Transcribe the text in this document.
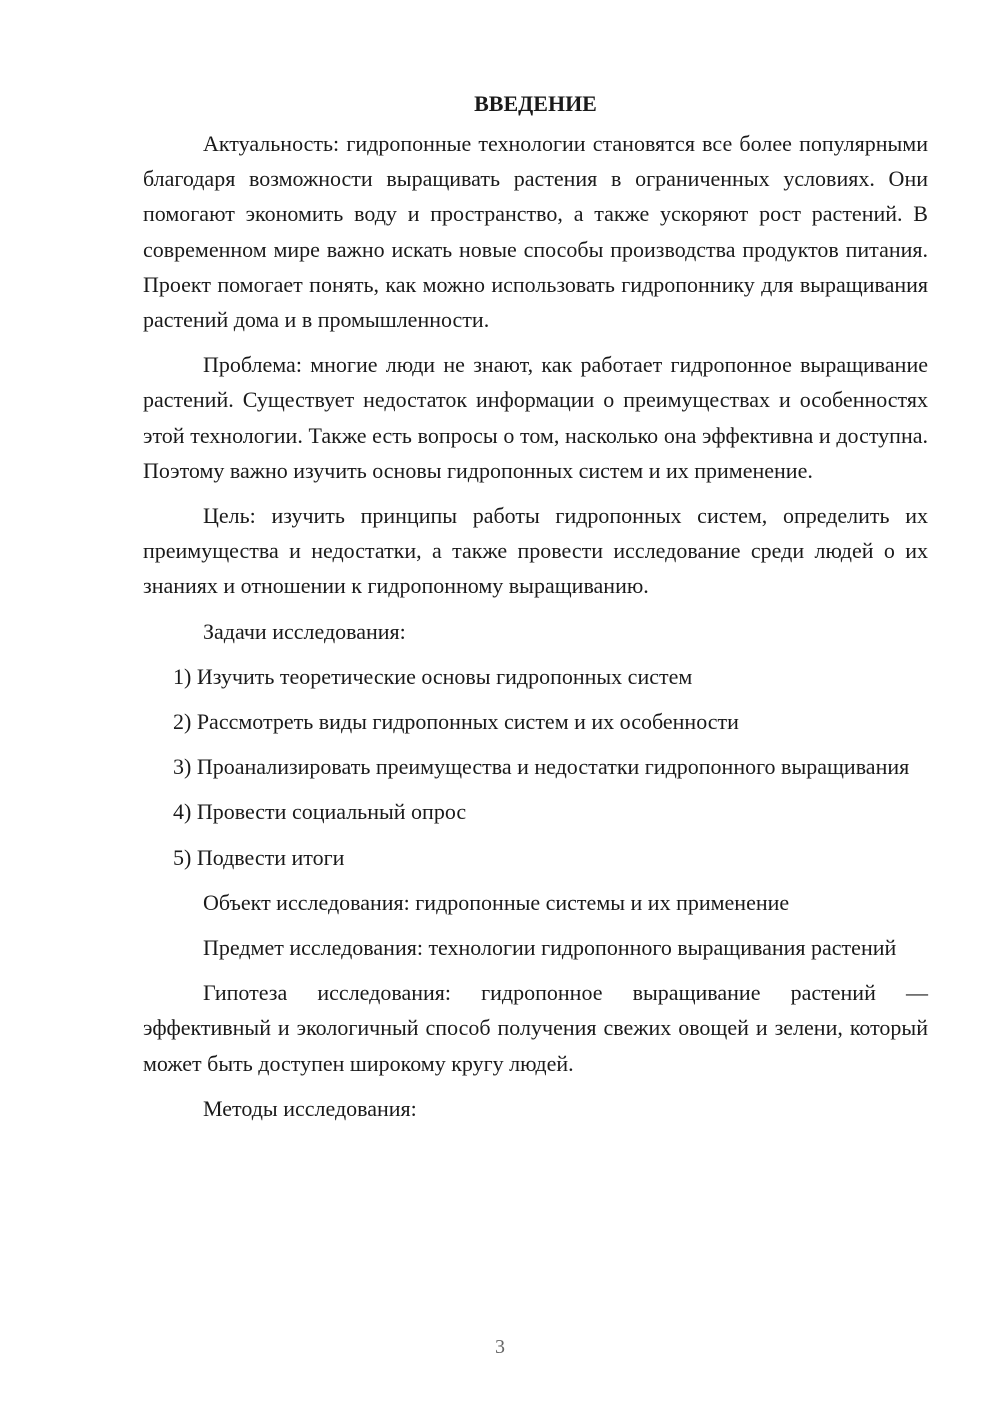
ВВЕДЕНИЕ

Актуальность: гидропонные технологии становятся все более популярными благодаря возможности выращивать растения в ограниченных условиях. Они помогают экономить воду и пространство, а также ускоряют рост растений. В современном мире важно искать новые способы производства продуктов питания. Проект помогает понять, как можно использовать гидропоннику для выращивания растений дома и в промышленности.

Проблема: многие люди не знают, как работает гидропонное выращивание растений. Существует недостаток информации о преимуществах и особенностях этой технологии. Также есть вопросы о том, насколько она эффективна и доступна. Поэтому важно изучить основы гидропонных систем и их применение.

Цель: изучить принципы работы гидропонных систем, определить их преимущества и недостатки, а также провести исследование среди людей о их знаниях и отношении к гидропонному выращиванию.

Задачи исследования:

1) Изучить теоретические основы гидропонных систем

2) Рассмотреть виды гидропонных систем и их особенности

3) Проанализировать преимущества и недостатки гидропонного выращивания

4) Провести социальный опрос

5) Подвести итоги

Объект исследования: гидропонные системы и их применение

Предмет исследования: технологии гидропонного выращивания растений

Гипотеза исследования: гидропонное выращивание растений — эффективный и экологичный способ получения свежих овощей и зелени, который может быть доступен широкому кругу людей.

Методы исследования:

3
